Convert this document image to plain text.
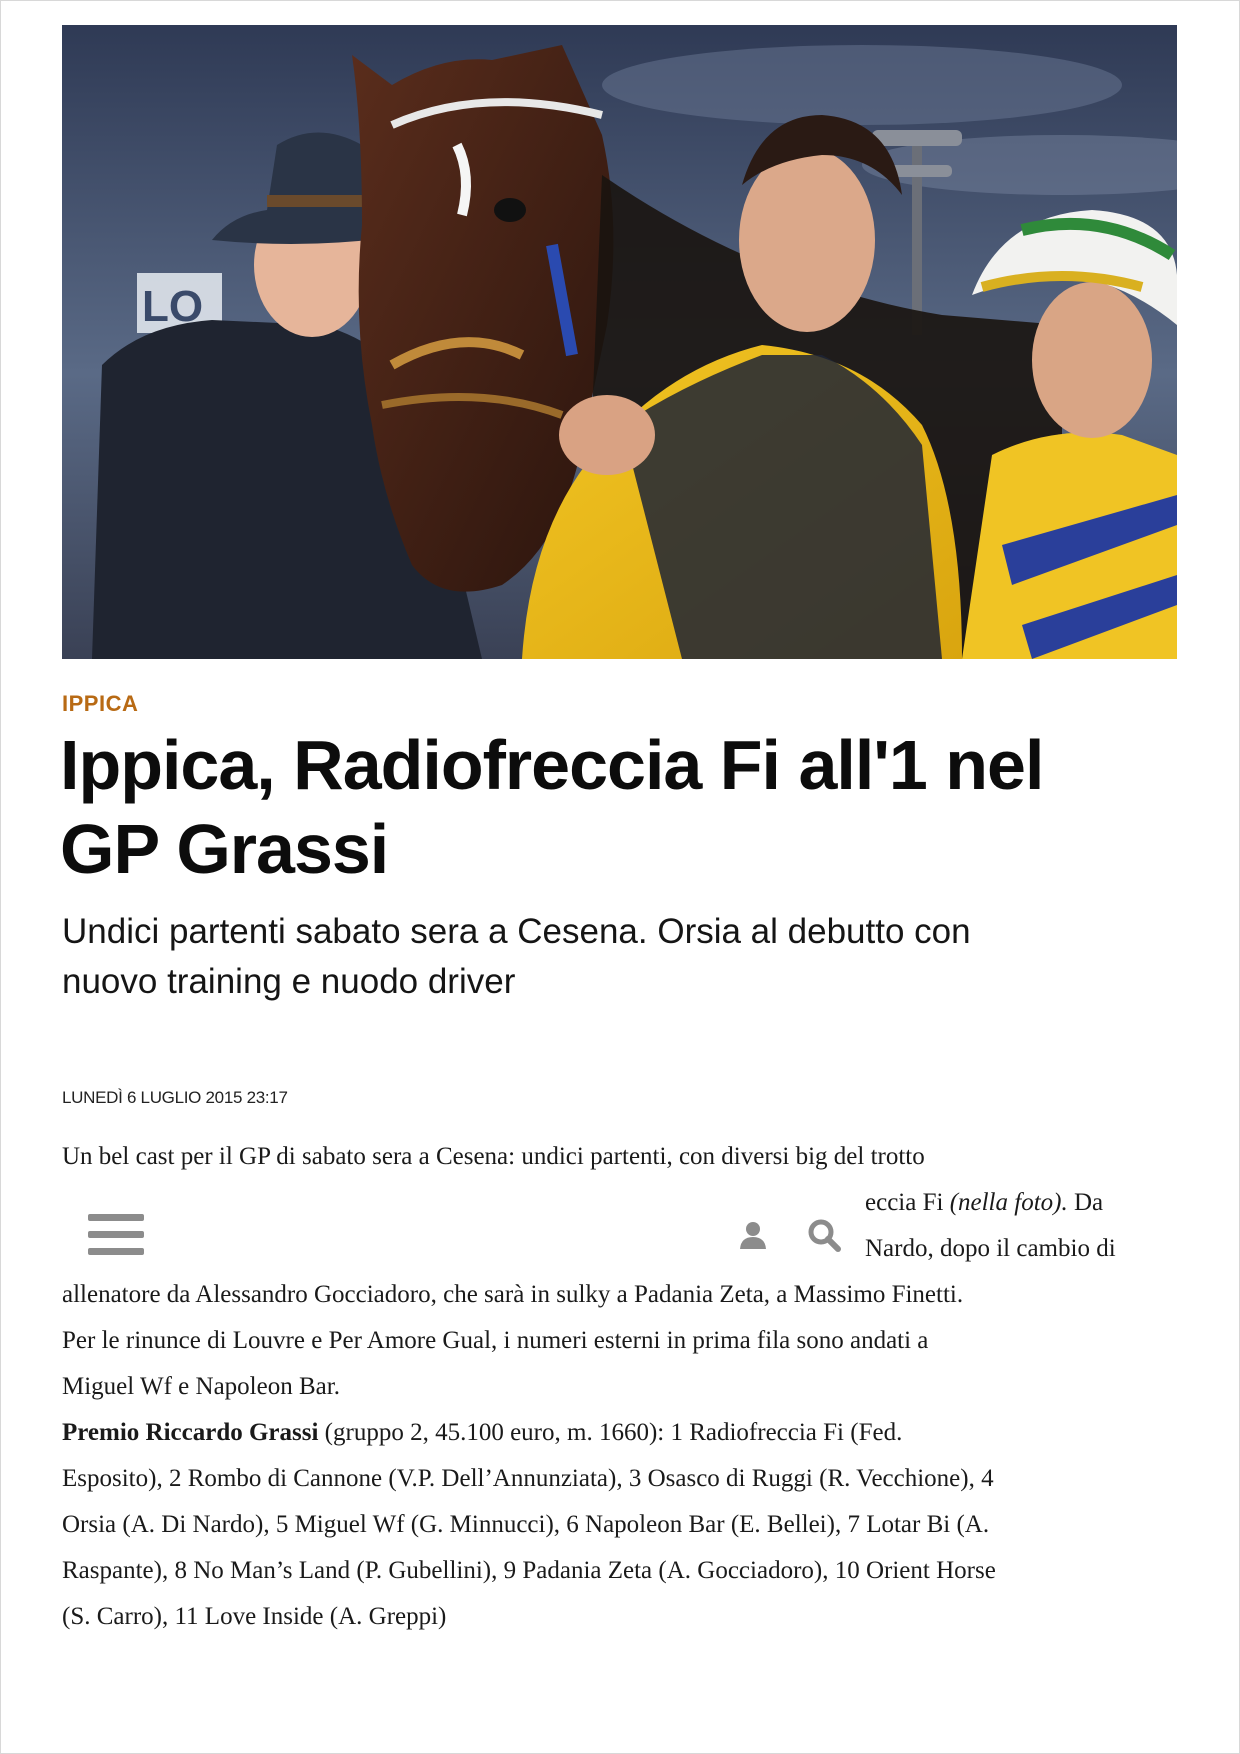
LO
IPPICA
Ippica, Radiofreccia Fi all'1 nel
GP Grassi

Undici partenti sabato sera a Cesena. Orsia al debutto con
nuovo training e nuodo driver

LUNEDÌ 6 LUGLIO 2015 23:17
Un bel cast per il GP di sabato sera a Cesena: undici partenti, con diversi big del trotto
eccia Fi (nella foto). Da
Nardo, dopo il cambio di
allenatore da Alessandro Gocciadoro, che sarà in sulky a Padania Zeta, a Massimo Finetti.
Per le rinunce di Louvre e Per Amore Gual, i numeri esterni in prima fila sono andati a
Miguel Wf e Napoleon Bar.
Premio Riccardo Grassi (gruppo 2, 45.100 euro, m. 1660): 1 Radiofreccia Fi (Fed.
Esposito), 2 Rombo di Cannone (V.P. Dell’Annunziata), 3 Osasco di Ruggi (R. Vecchione), 4
Orsia (A. Di Nardo), 5 Miguel Wf (G. Minnucci), 6 Napoleon Bar (E. Bellei), 7 Lotar Bi (A.
Raspante), 8 No Man’s Land (P. Gubellini), 9 Padania Zeta (A. Gocciadoro), 10 Orient Horse
(S. Carro), 11 Love Inside (A. Greppi)
